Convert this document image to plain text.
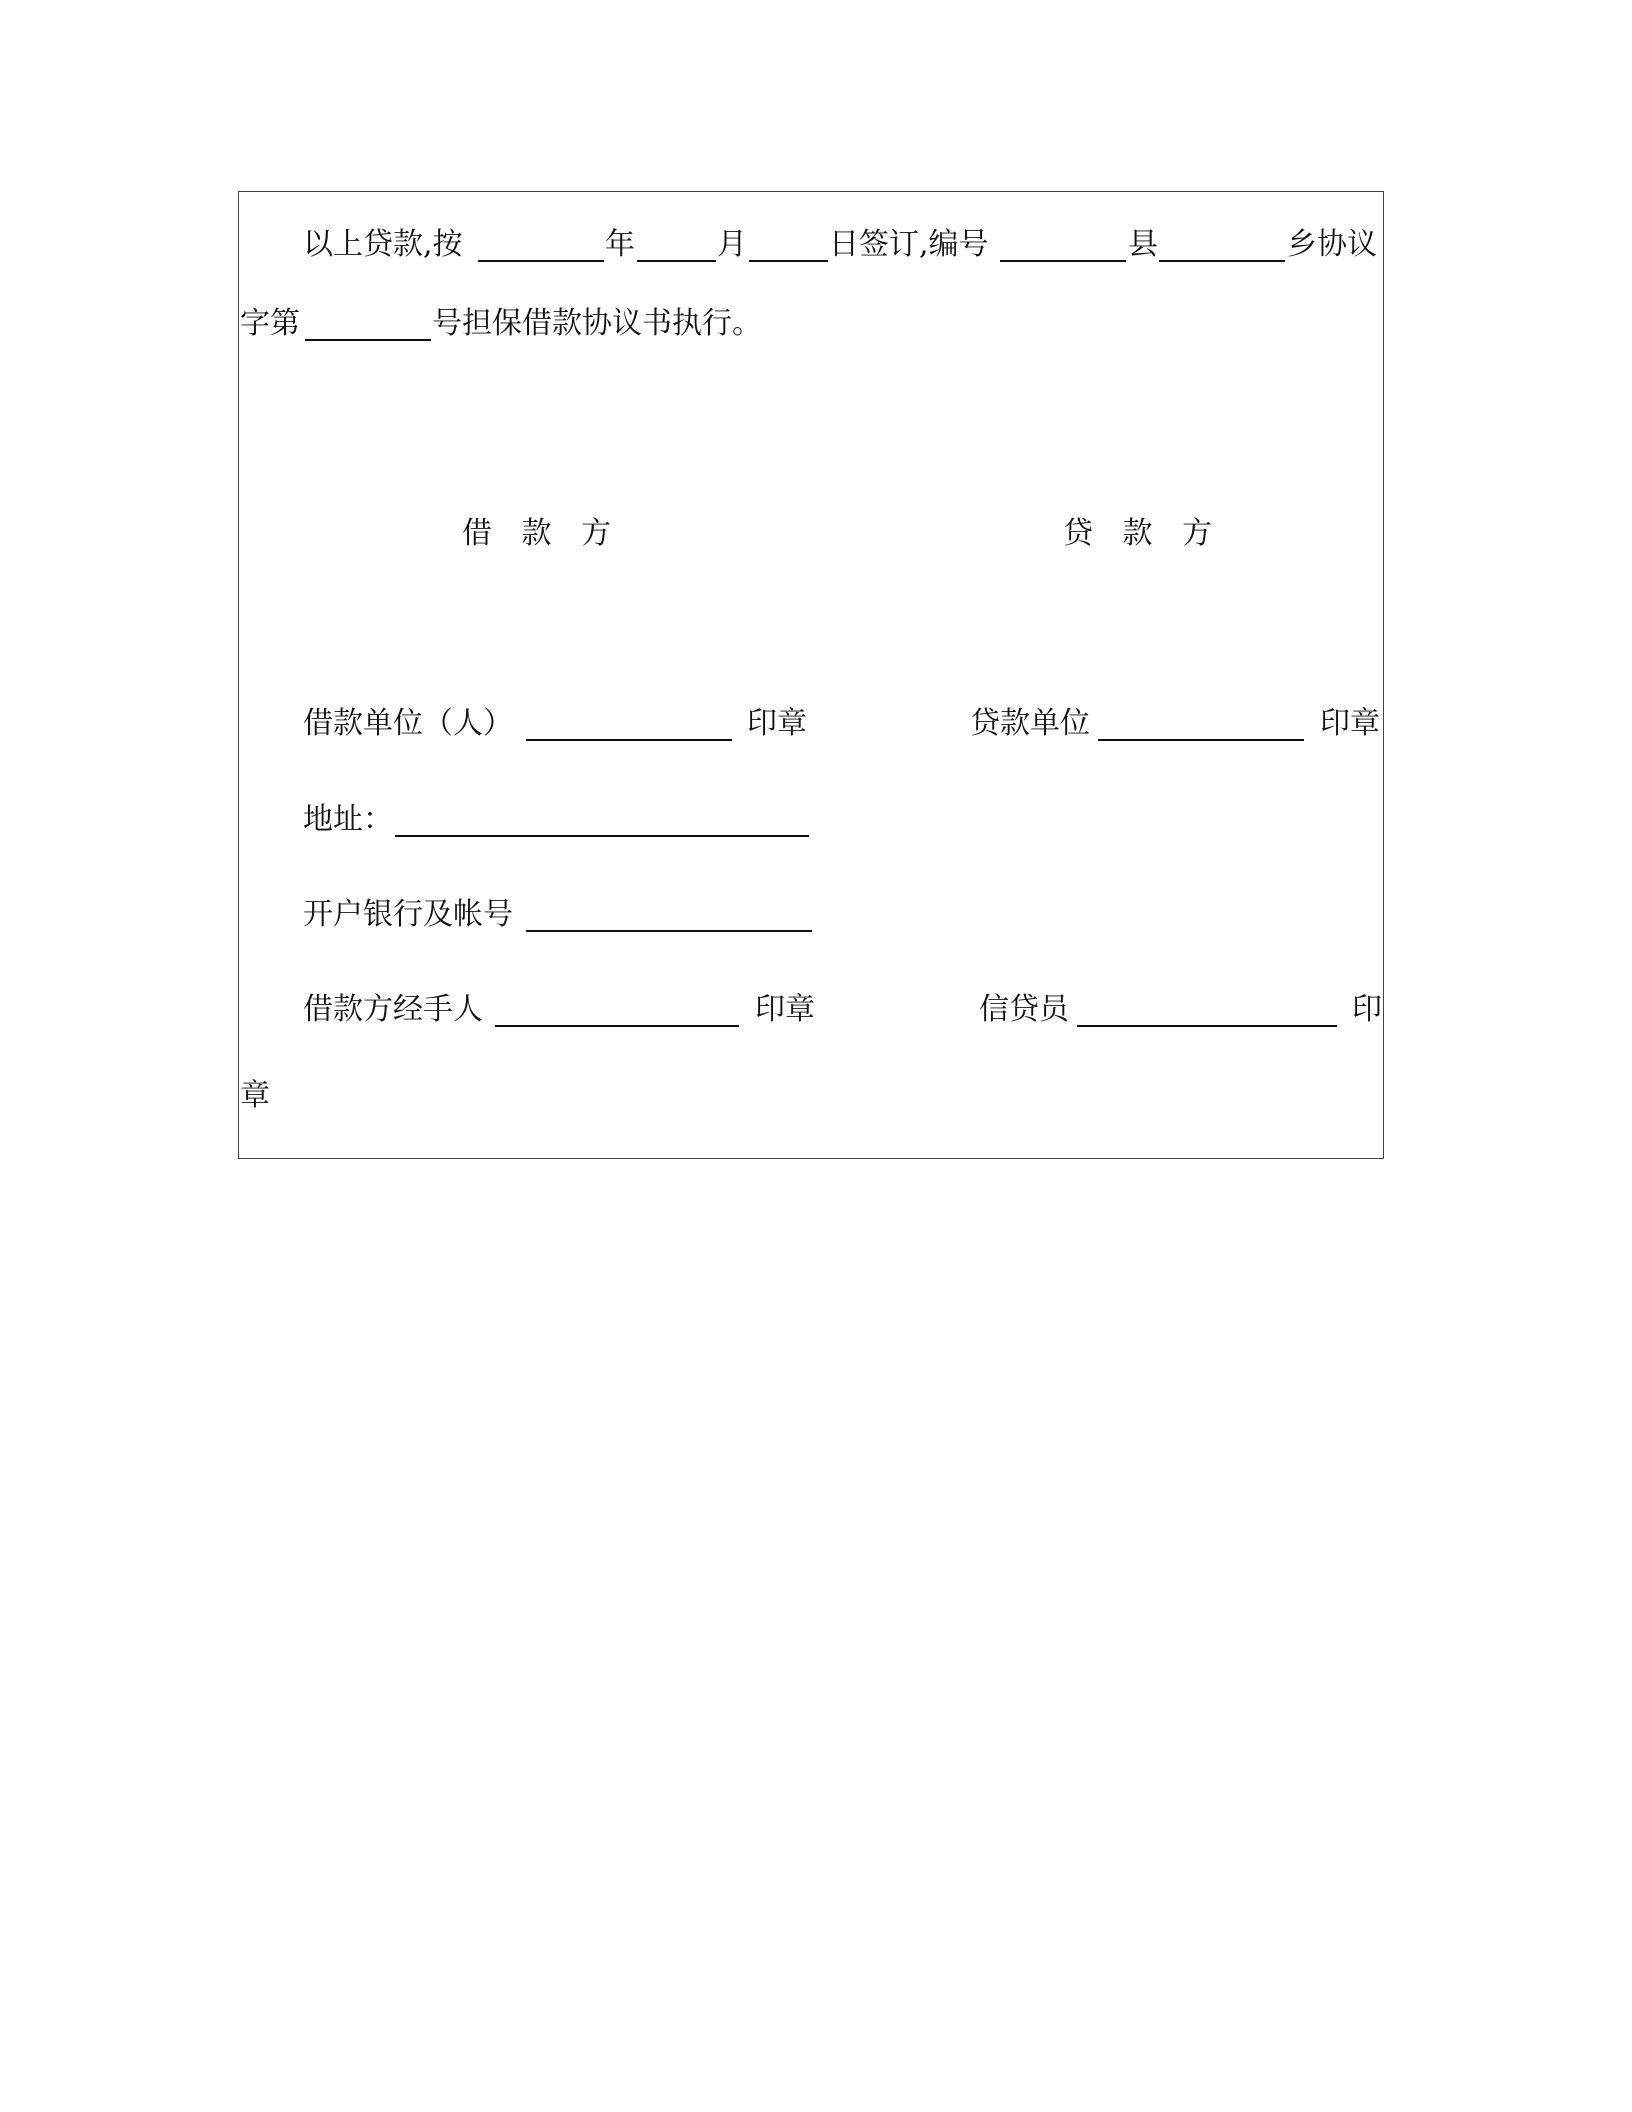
以上贷款,按	年	月	日签订,编号	县	乡协议
字第	号担保借款协议书执行。
借 款 方	贷 款 方
借款单位（人）	印章	贷款单位	印章
地址：
开户银行及帐号
借款方经手人	印章	信贷员	印
章
